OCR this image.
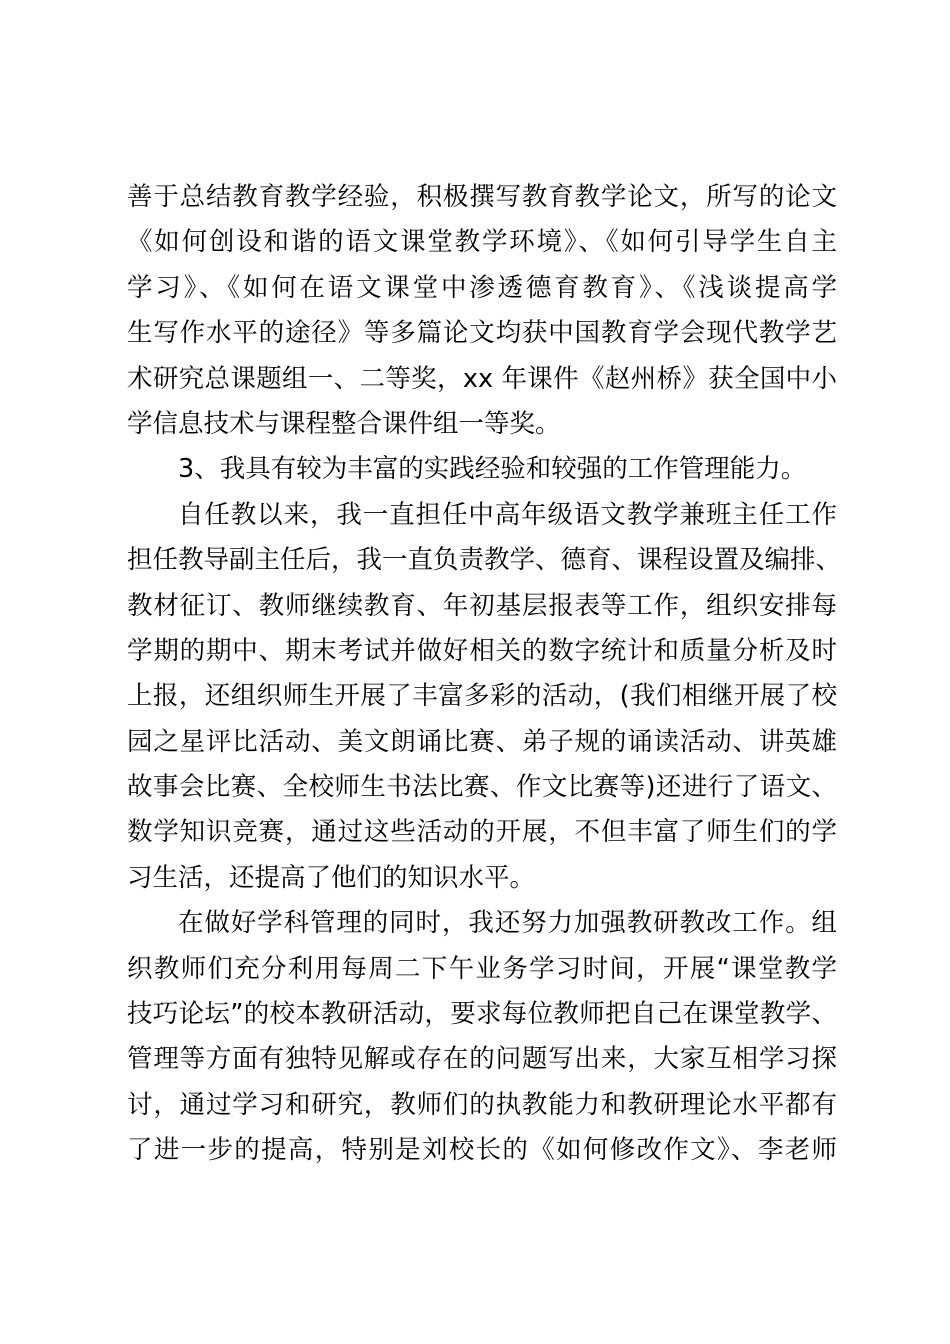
善于总结教育教学经验，积极撰写教育教学论文，所写的论文
《如何创设和谐的语文课堂教学环境》、《如何引导学生自主
学习》、《如何在语文课堂中渗透德育教育》、《浅谈提高学
生写作水平的途径》等多篇论文均获中国教育学会现代教学艺
术研究总课题组一、二等奖，xx 年课件《赵州桥》获全国中小
学信息技术与课程整合课件组一等奖。
3、我具有较为丰富的实践经验和较强的工作管理能力。
自任教以来，我一直担任中高年级语文教学兼班主任工作
担任教导副主任后，我一直负责教学、德育、课程设置及编排、
教材征订、教师继续教育、年初基层报表等工作，组织安排每
学期的期中、期末考试并做好相关的数字统计和质量分析及时
上报，还组织师生开展了丰富多彩的活动，(我们相继开展了校
园之星评比活动、美文朗诵比赛、弟子规的诵读活动、讲英雄
故事会比赛、全校师生书法比赛、作文比赛等)还进行了语文、
数学知识竞赛，通过这些活动的开展，不但丰富了师生们的学
习生活，还提高了他们的知识水平。
在做好学科管理的同时，我还努力加强教研教改工作。组
织教师们充分利用每周二下午业务学习时间，开展“课堂教学
技巧论坛”的校本教研活动，要求每位教师把自己在课堂教学、
管理等方面有独特见解或存在的问题写出来，大家互相学习探
讨，通过学习和研究，教师们的执教能力和教研理论水平都有
了进一步的提高，特别是刘校长的《如何修改作文》、李老师
